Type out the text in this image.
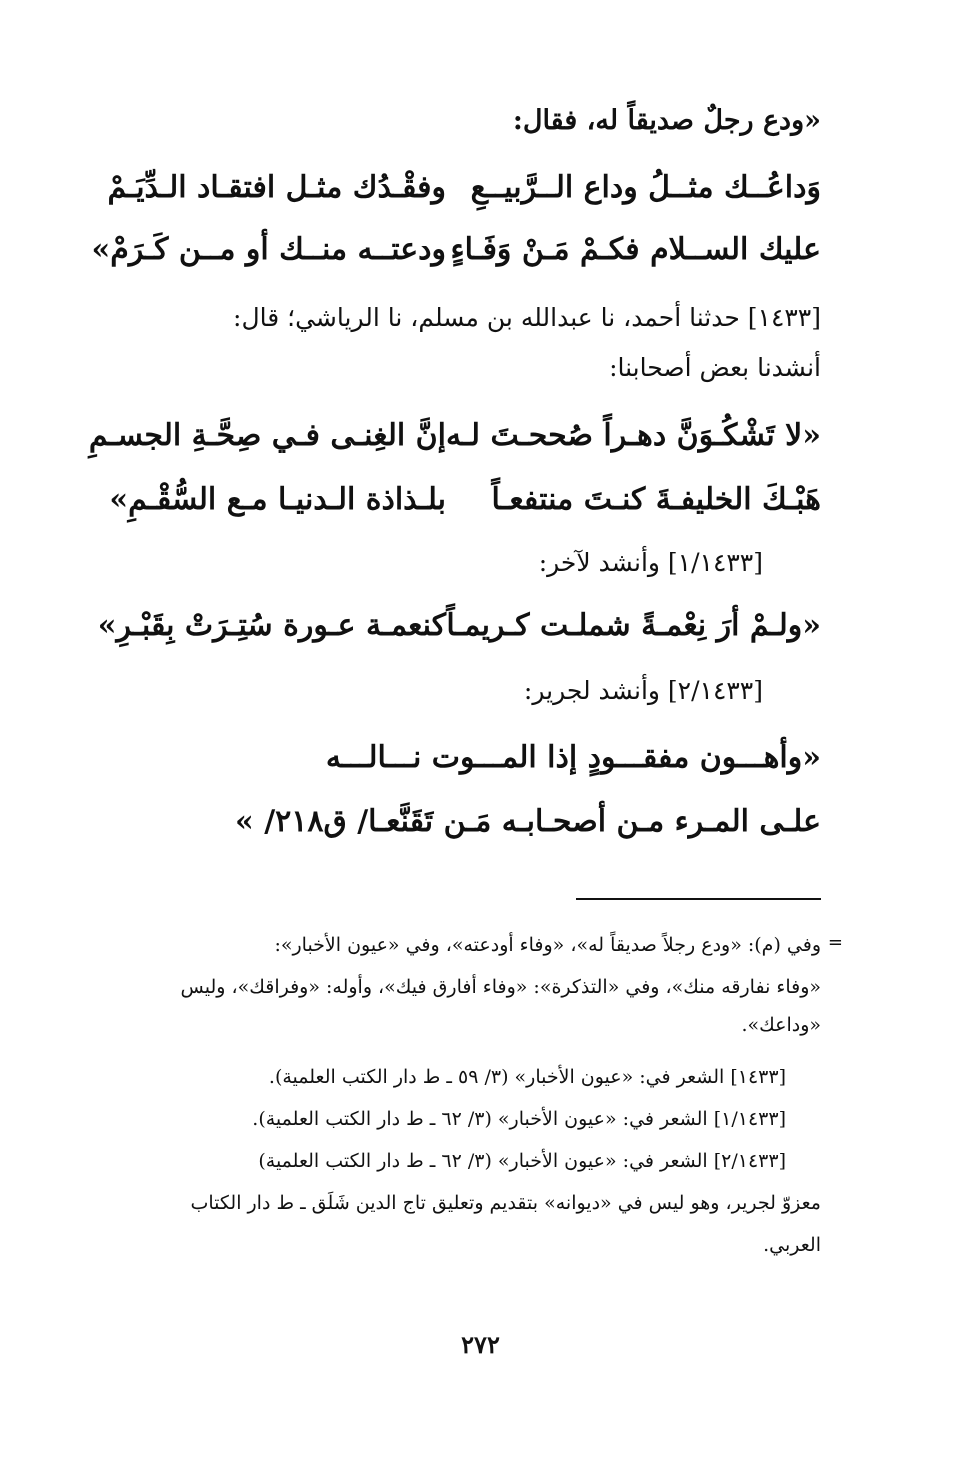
«ودع رجلٌ صديقاً له، فقال:
وَداعُــك مثــلُ وداع الــرَّبيــعِ
وفقْـدُك مثـل افتقـاد الـدِّيَـمْ
عليك الســلام فكـمْ مَـنْ وَفَـاءٍ
ودعتــه منــك أو مــن كَـرَمْ»
[١٤٣٣] حدثنا أحمد، نا عبدالله بن مسلم، نا الرياشي؛ قال:
أنشدنا بعض أصحابنا:
«لا تَشْكُـوَنَّ دهـراً صُححـتَ لـه
إنَّ الغِنـى فـي صِحَّـةِ الجسـمِ
هَبْـكَ الخليفـةَ كنـتَ منتفعـاً
بلـذاذة الـدنيـا مـع السُّقْـمِ»
[١/١٤٣٣] وأنشد لآخر:
«ولـمْ أرَ نِعْمـةً شملـت كـريمـاً
كنعمـة عـورة سُتِـرَتْ بِقَبْـرِ»
[٢/١٤٣٣] وأنشد لجرير:
«وأهـــون مفقـــودٍ إذا المـــوت نـــالـــه
علـى المـرء مـن أصحـابـه مَـن تَقَنَّعـا/ ق٢١٨/ »
=
وفي (م): «ودع رجلاً صديقاً له»، «وفاء أودعته»، وفي «عيون الأخبار»:
«وفاء نفارقه منك»، وفي «التذكرة»: «وفاء أفارق فيك»، وأوله: «وفراقك»، وليس
«وداعك».
[١٤٣٣] الشعر في: «عيون الأخبار» (٣/ ٥٩ ـ ط دار الكتب العلمية).
[١/١٤٣٣] الشعر في: «عيون الأخبار» (٣/ ٦٢ ـ ط دار الكتب العلمية).
[٢/١٤٣٣] الشعر في: «عيون الأخبار» (٣/ ٦٢ ـ ط دار الكتب العلمية)
معزوّ لجرير، وهو ليس في «ديوانه» بتقديم وتعليق تاج الدين شَلَق ـ ط دار الكتاب
العربي.
٢٧٢
